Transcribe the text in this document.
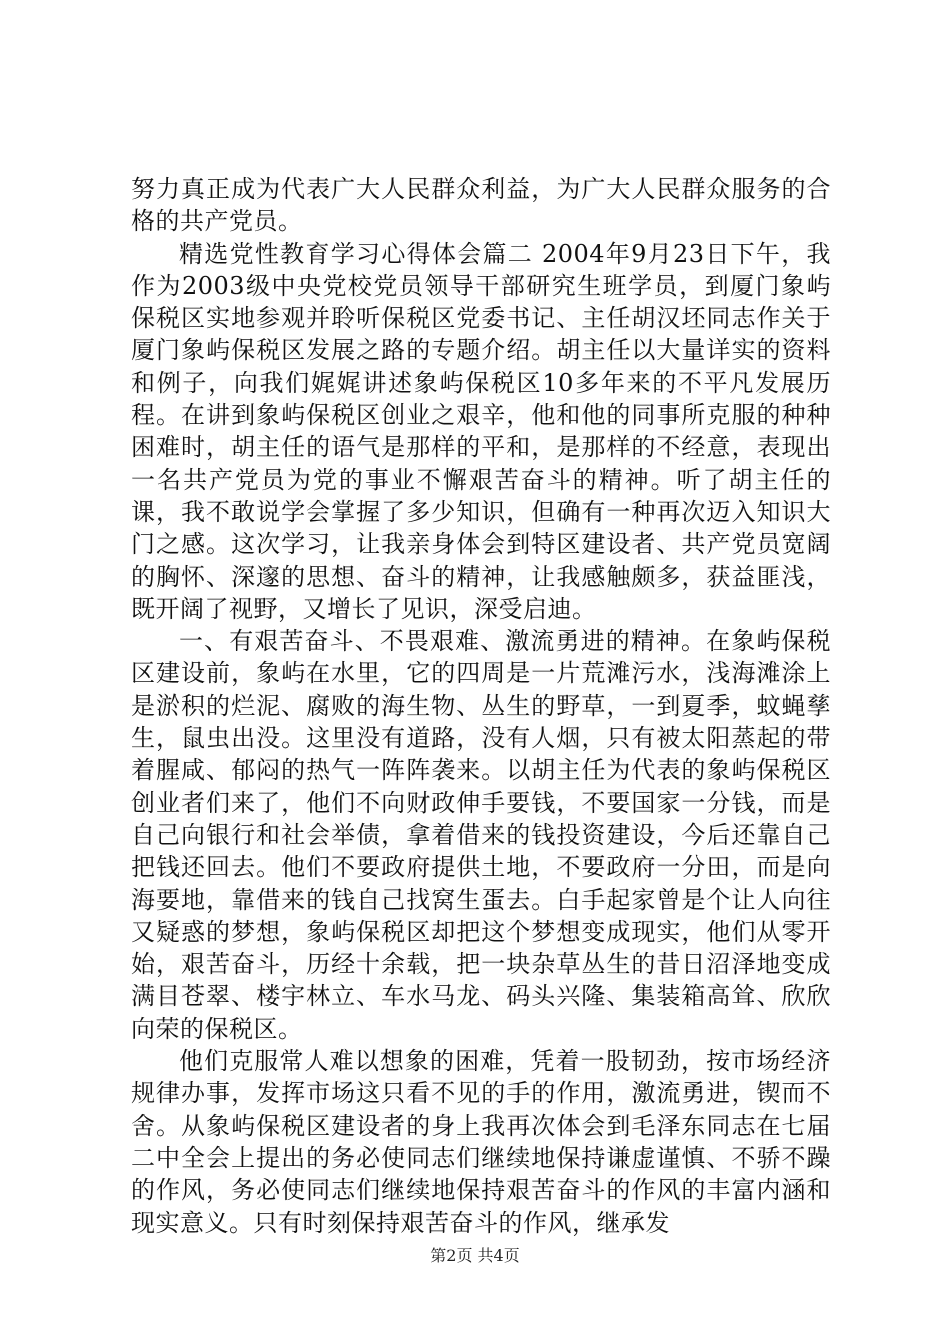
努力真正成为代表广大人民群众利益，为广大人民群众服务的合格的共产党员。

精选党性教育学习心得体会篇二 2004年9月23日下午，我作为2003级中央党校党员领导干部研究生班学员，到厦门象屿保税区实地参观并聆听保税区党委书记、主任胡汉坯同志作关于厦门象屿保税区发展之路的专题介绍。胡主任以大量详实的资料和例子，向我们娓娓讲述象屿保税区10多年来的不平凡发展历程。在讲到象屿保税区创业之艰辛，他和他的同事所克服的种种困难时，胡主任的语气是那样的平和，是那样的不经意，表现出一名共产党员为党的事业不懈艰苦奋斗的精神。听了胡主任的课，我不敢说学会掌握了多少知识，但确有一种再次迈入知识大门之感。这次学习，让我亲身体会到特区建设者、共产党员宽阔的胸怀、深邃的思想、奋斗的精神，让我感触颇多，获益匪浅，既开阔了视野，又增长了见识，深受启迪。

一、有艰苦奋斗、不畏艰难、激流勇进的精神。在象屿保税区建设前，象屿在水里，它的四周是一片荒滩污水，浅海滩涂上是淤积的烂泥、腐败的海生物、丛生的野草，一到夏季，蚊蝇孳生，鼠虫出没。这里没有道路，没有人烟，只有被太阳蒸起的带着腥咸、郁闷的热气一阵阵袭来。以胡主任为代表的象屿保税区创业者们来了，他们不向财政伸手要钱，不要国家一分钱，而是自己向银行和社会举债，拿着借来的钱投资建设，今后还靠自己把钱还回去。他们不要政府提供土地，不要政府一分田，而是向海要地，靠借来的钱自己找窝生蛋去。白手起家曾是个让人向往又疑惑的梦想，象屿保税区却把这个梦想变成现实，他们从零开始，艰苦奋斗，历经十余载，把一块杂草丛生的昔日沼泽地变成满目苍翠、楼宇林立、车水马龙、码头兴隆、集装箱高耸、欣欣向荣的保税区。

他们克服常人难以想象的困难，凭着一股韧劲，按市场经济规律办事，发挥市场这只看不见的手的作用，激流勇进，锲而不舍。从象屿保税区建设者的身上我再次体会到毛泽东同志在七届二中全会上提出的务必使同志们继续地保持谦虚谨慎、不骄不躁的作风，务必使同志们继续地保持艰苦奋斗的作风的丰富内涵和现实意义。只有时刻保持艰苦奋斗的作风，继承发

第2页 共4页
